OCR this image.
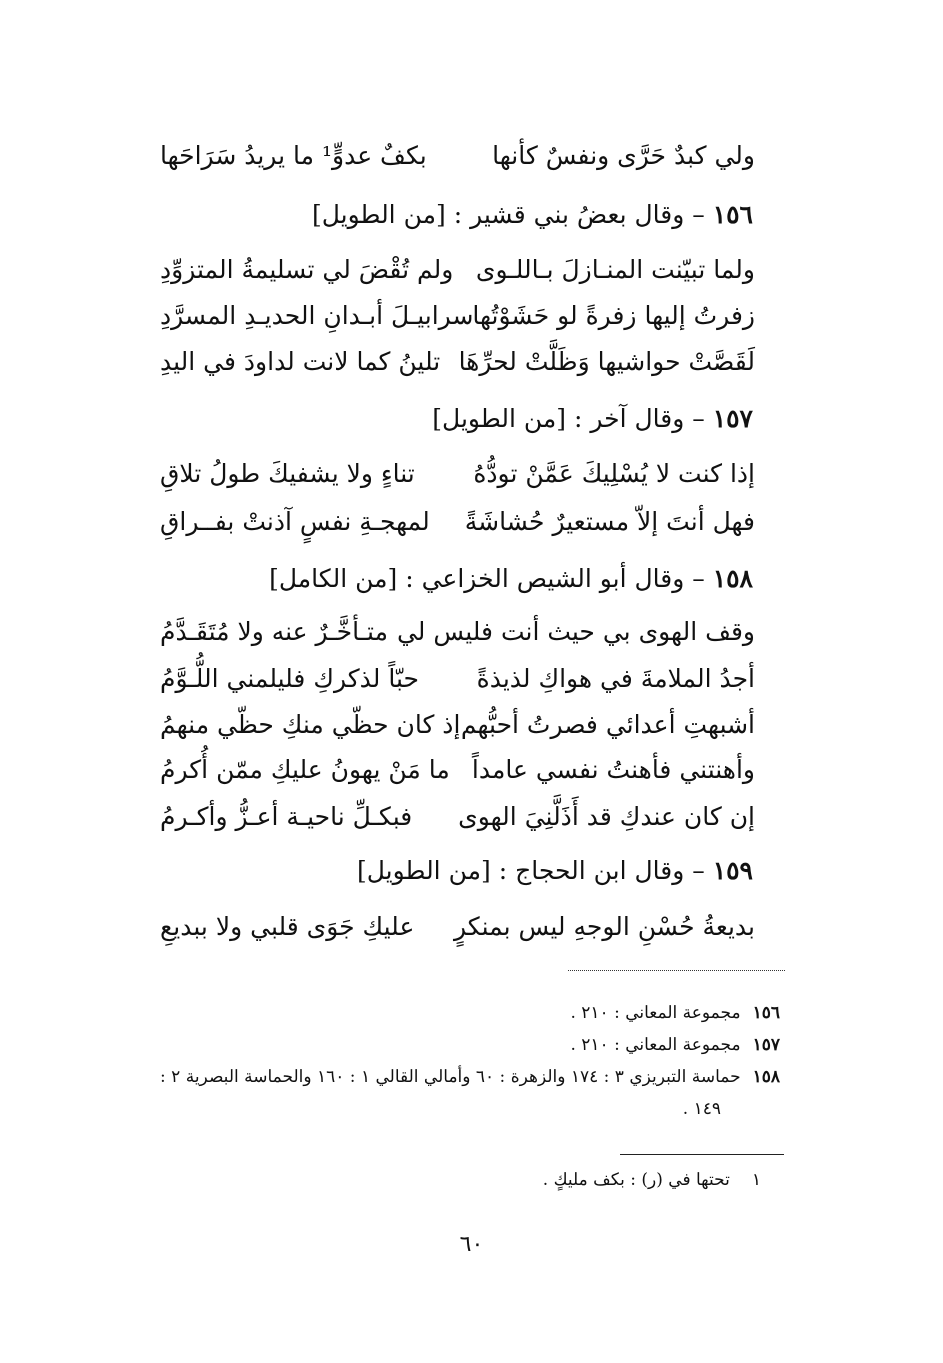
ولي كبدٌ حَرَّى ونفسٌ كأنها
بكفٌ عدوٍّ¹ ما يريدُ سَرَاحَها
١٥٦ – وقال بعضُ بني قشير : [من الطويل]
ولما تبيّنت المنـازلَ بـاللـوى
ولم تُقْضَ لي تسليمةُ المتزوِّدِ
زفرتُ إليها زفرةً لو حَشَوْتُها
سرابيـلَ أبـدانِ الحديـدِ المسرَّدِ
لَقَصَّتْ حواشيها وَظَلَّتْ لحرِّهَا
تلينُ كما لانت لداودَ في اليدِ
١٥٧ – وقال آخر : [من الطويل]
إذا كنت لا يُسْلِيكَ عَمَّنْ تودُّهُ
تناءٍ ولا يشفيكَ طولُ تلاقِ
فهل أنتَ إلاّ مستعيرٌ حُشاشَةً
لمهجـةِ نفسٍ آذنتْ بفــراقِ
١٥٨ – وقال أبو الشيص الخزاعي : [من الكامل]
وقف الهوى بي حيث أنت فليس لي
متـأخَّـرٌ عنه ولا مُتَقَـدَّمُ
أجدُ الملامةَ في هواكِ لذيذةً
حبّاً لذكركِ فليلمني اللُّـوَّمُ
أشبهتِ أعدائي فصرتُ أحبُّهم
إذ كان حظّي منكِ حظّي منهمُ
وأهنتني فأهنتُ نفسي عامداً
ما مَنْ يهونُ عليكِ ممّن أُكرمُ
إن كان عندكِ قد أَذَلَّنِيَ الهوى
فبكـلِّ ناحيـة أعـزُّ وأكـرمُ
١٥٩ – وقال ابن الحجاج : [من الطويل]
بديعةُ حُسْنِ الوجهِ ليس بمنكرٍ
عليكِ جَوَى قلبي ولا ببديعِ
١٥٦مجموعة المعاني : ٢١٠ .
١٥٧مجموعة المعاني : ٢١٠ .
١٥٨حماسة التبريزي ٣ : ١٧٤ والزهرة : ٦٠ وأمالي القالي ١ : ١٦٠ والحماسة البصرية ٢ :
١٤٩ .
١تحتها في (ر) : بكف مليكٍ .
٦٠
